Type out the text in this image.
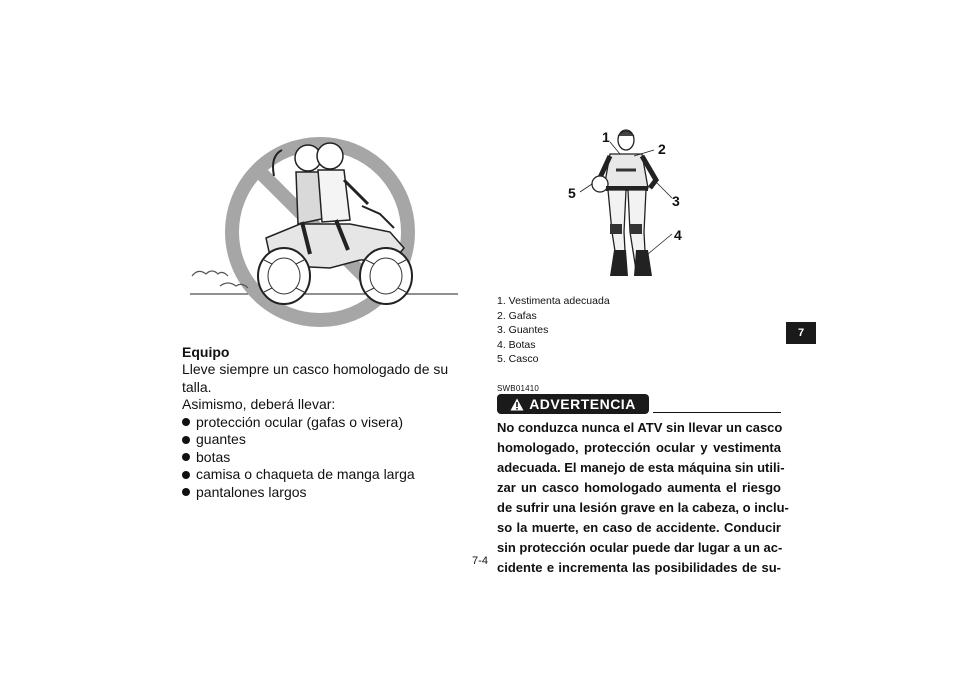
Equipo
Lleve siempre un casco homologado de su talla.
Asimismo, deberá llevar:
protección ocular (gafas o visera)
guantes
botas
camisa o chaqueta de manga larga
pantalones largos
1
2
3
4
5
1. Vestimenta adecuada
2. Gafas
3. Guantes
4. Botas
5. Casco
SWB01410
ADVERTENCIA
No conduzca nunca el ATV sin llevar un casco
homologado, protección ocular y vestimenta
adecuada. El manejo de esta máquina sin utili-
zar un casco homologado aumenta el riesgo
de sufrir una lesión grave en la cabeza, o inclu-
so la muerte, en caso de accidente. Conducir
sin protección ocular puede dar lugar a un ac-
cidente e incrementa las posibilidades de su-
7-4
7
